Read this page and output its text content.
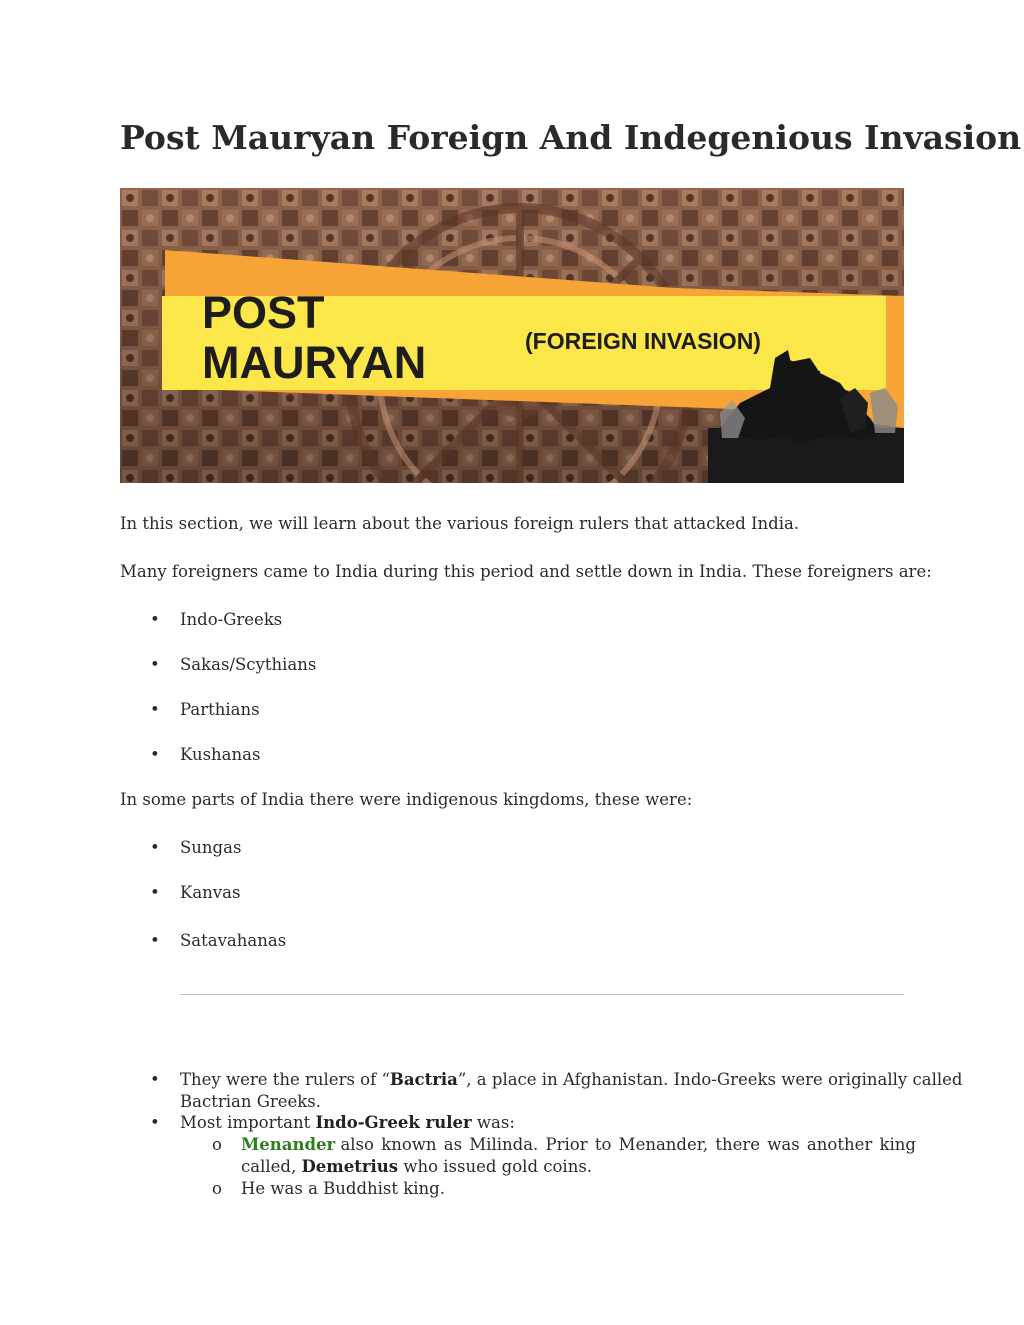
Post Mauryan Foreign And Indegenious Invasion
POST
MAURYAN	(FOREIGN INVASION)
In this section, we will learn about the various foreign rulers that attacked India.
Many foreigners came to India during this period and settle down in India. These foreigners are:
• Indo-Greeks
• Sakas/Scythians
• Parthians
• Kushanas
In some parts of India there were indigenous kingdoms, these were:
• Sungas
• Kanvas
• Satavahanas
• They were the rulers of “Bactria”, a place in Afghanistan. Indo-Greeks were originally called
Bactrian Greeks.
• Most important Indo-Greek ruler was:
o Menander also known as Milinda. Prior to Menander, there was another king
called, Demetrius who issued gold coins.
o He was a Buddhist king.
